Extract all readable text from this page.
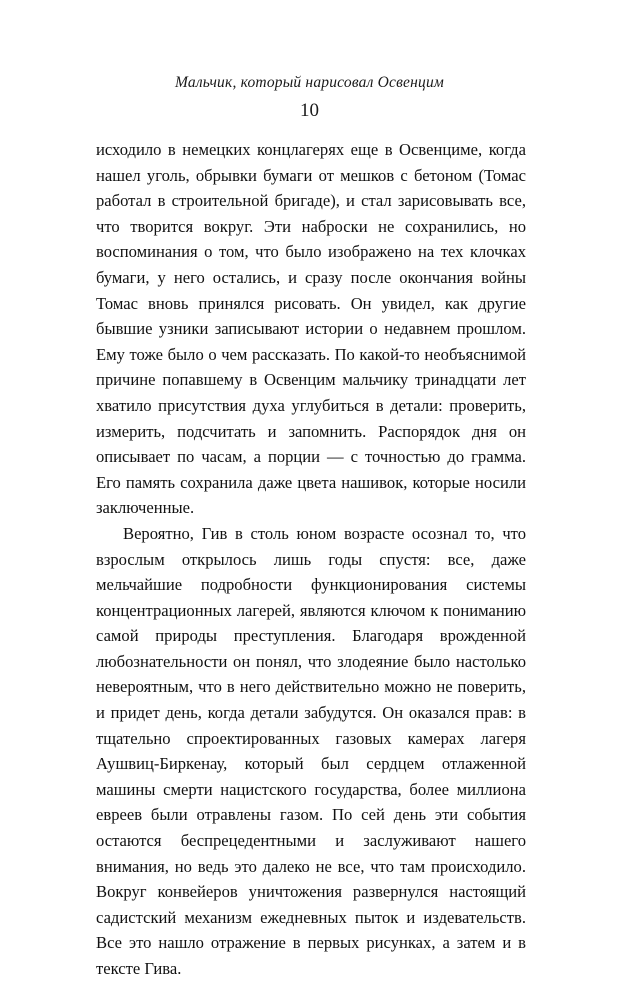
Мальчик, который нарисовал Освенцим
10

исходило в немецких концлагерях еще в Освенциме, когда нашел уголь, обрывки бумаги от мешков с бетоном (Томас работал в строительной бригаде), и стал зарисовывать все, что творится вокруг. Эти наброски не сохранились, но воспоминания о том, что было изображено на тех клочках бумаги, у него остались, и сразу после окончания войны Томас вновь принялся рисовать. Он увидел, как другие бывшие узники записывают истории о недавнем прошлом. Ему тоже было о чем рассказать. По какой-то необъяснимой причине попавшему в Освенцим мальчику тринадцати лет хватило присутствия духа углубиться в детали: проверить, измерить, подсчитать и запомнить. Распорядок дня он описывает по часам, а порции — с точностью до грамма. Его память сохранила даже цвета нашивок, которые носили заключенные.

Вероятно, Гив в столь юном возрасте осознал то, что взрослым открылось лишь годы спустя: все, даже мельчайшие подробности функционирования системы концентрационных лагерей, являются ключом к пониманию самой природы преступления. Благодаря врожденной любознательности он понял, что злодеяние было настолько невероятным, что в него действительно можно не поверить, и придет день, когда детали забудутся. Он оказался прав: в тщательно спроектированных газовых камерах лагеря Аушвиц-Биркенау, который был сердцем отлаженной машины смерти нацистского государства, более миллиона евреев были отравлены газом. По сей день эти события остаются беспрецедентными и заслуживают нашего внимания, но ведь это далеко не все, что там происходило. Вокруг конвейеров уничтожения развернулся настоящий садистский механизм ежедневных пыток и издевательств. Все это нашло отражение в первых рисунках, а затем и в тексте Гива.
